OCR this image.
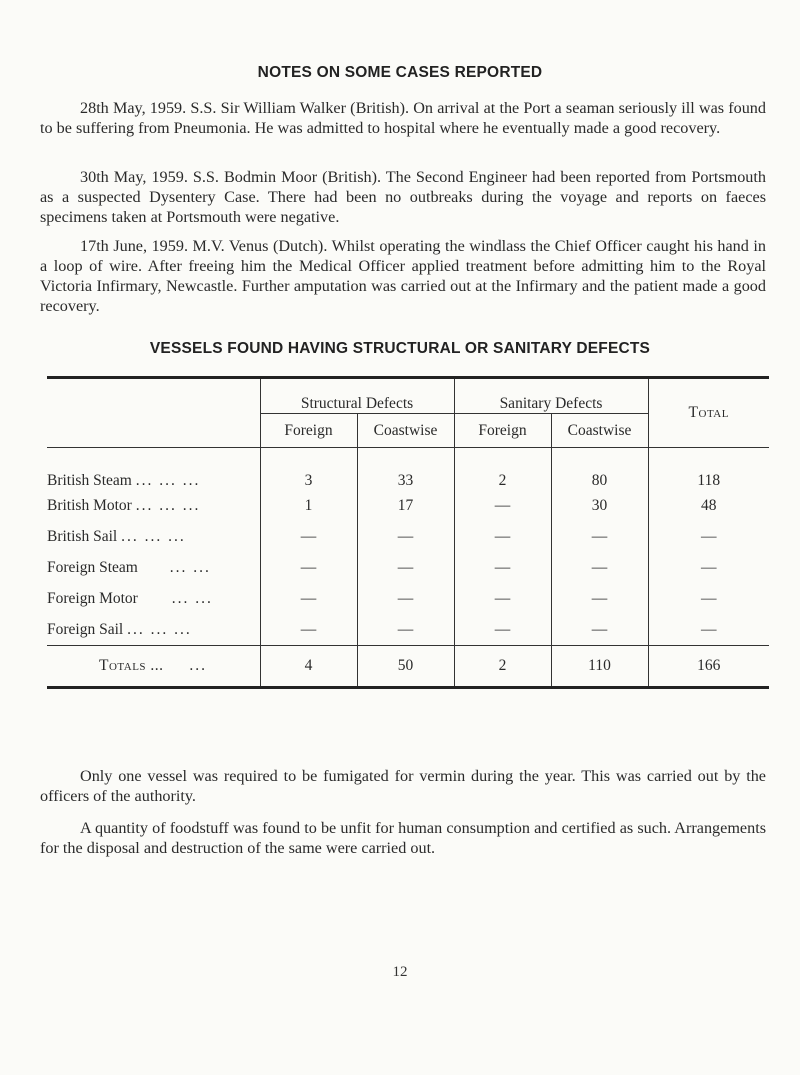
NOTES ON SOME CASES REPORTED

28th May, 1959. S.S. Sir William Walker (British). On arrival at the Port a seaman seriously ill was found to be suffering from Pneumonia. He was admitted to hospital where he eventually made a good recovery.

30th May, 1959. S.S. Bodmin Moor (British). The Second Engineer had been reported from Portsmouth as a suspected Dysentery Case. There had been no outbreaks during the voyage and reports on faeces specimens taken at Portsmouth were negative.

17th June, 1959. M.V. Venus (Dutch). Whilst operating the windlass the Chief Officer caught his hand in a loop of wire. After freeing him the Medical Officer applied treatment before admitting him to the Royal Victoria Infirmary, Newcastle. Further amputation was carried out at the Infirmary and the patient made a good recovery.

VESSELS FOUND HAVING STRUCTURAL OR SANITARY DEFECTS
	Structural Defects		Sanitary Defects		Total
	Foreign	Coastwise	Foreign	Coastwise	
British Steam ... ... ...	3	33	2	80	118
British Motor ... ... ...	1	17	—	30	48
British Sail ... ... ...	—	—	—	—	—
Foreign Steam ... ...	—	—	—	—	—
Foreign Motor ... ...	—	—	—	—	—
Foreign Sail ... ... ...	—	—	—	—	—
Totals ... ...	4	50	2	110	166

Only one vessel was required to be fumigated for vermin during the year. This was carried out by the officers of the authority.

A quantity of foodstuff was found to be unfit for human consumption and certified as such. Arrangements for the disposal and destruction of the same were carried out.

12
